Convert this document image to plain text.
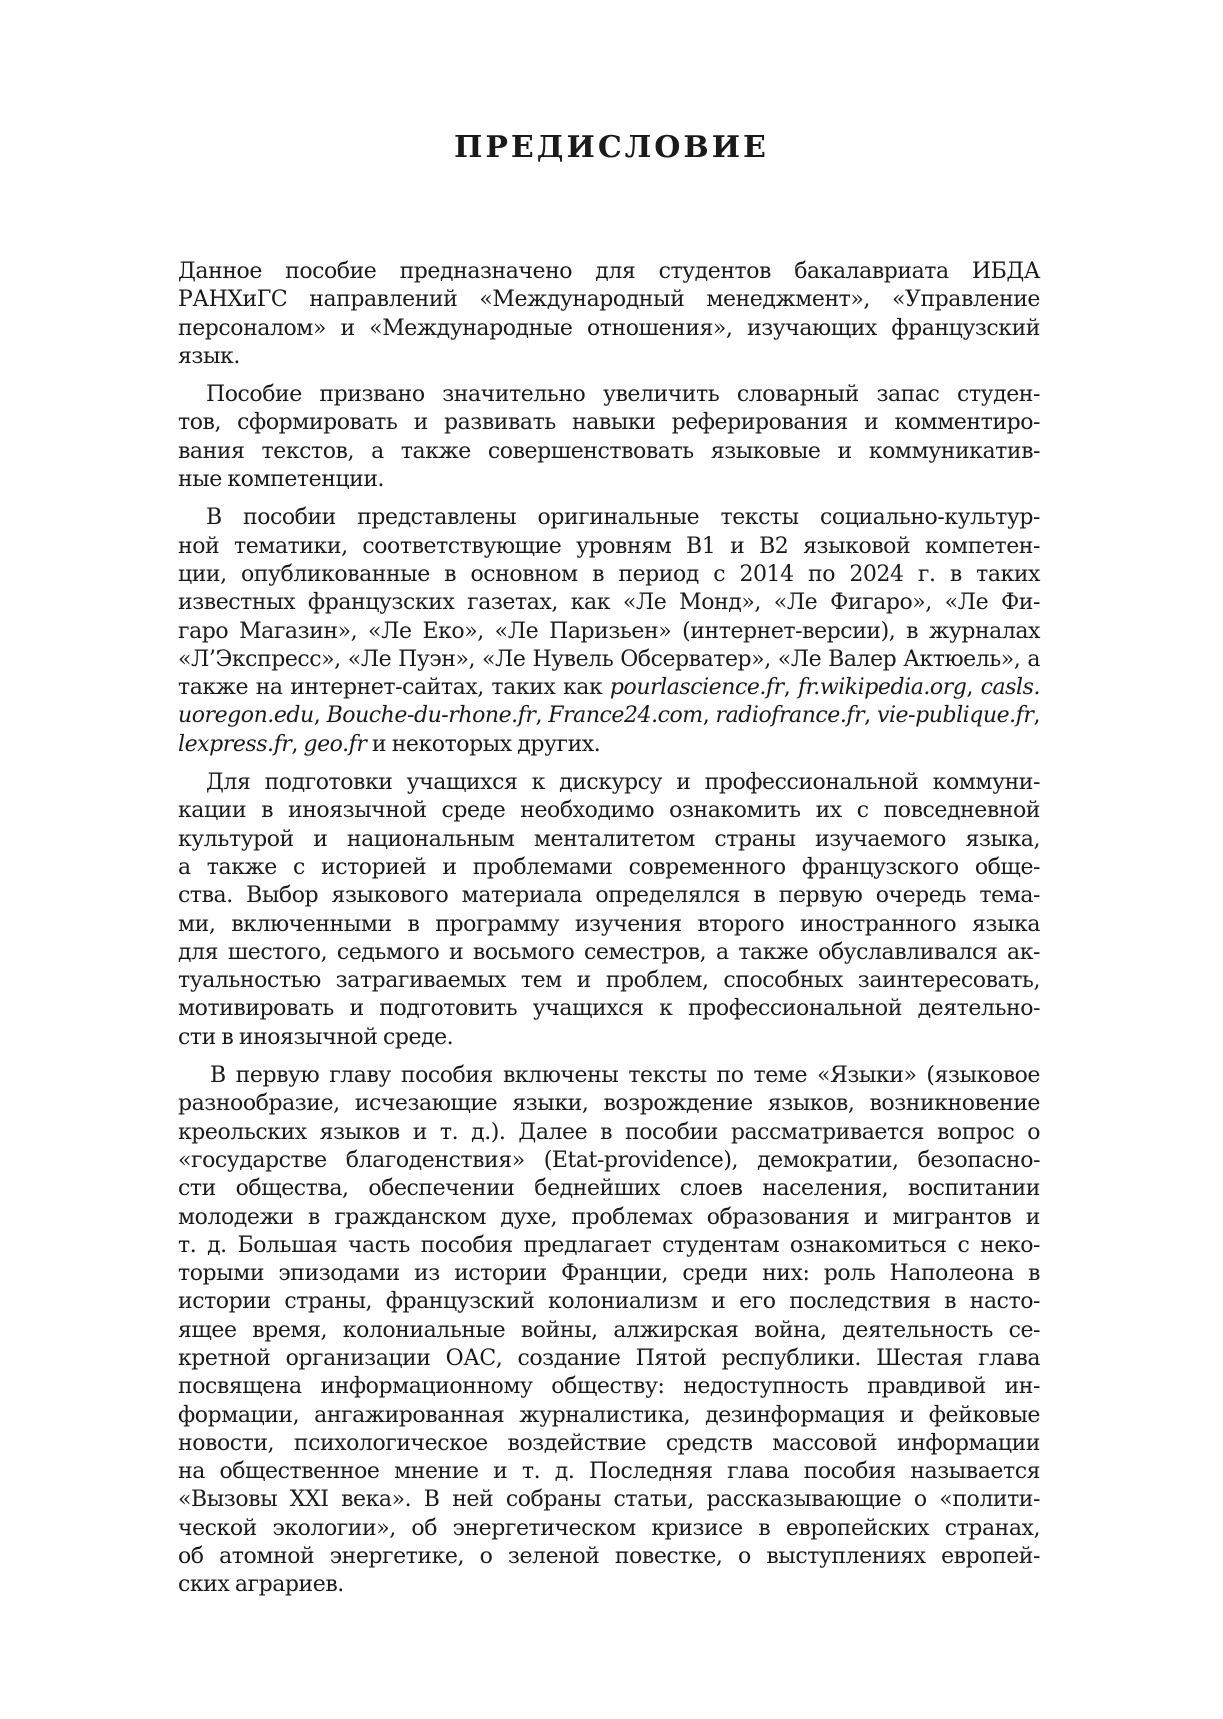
ПРЕДИСЛОВИЕ

Данное пособие предназначено для студентов бакалавриата ИБДА
РАНХиГС направлений «Международный менеджмент», «Управление
персоналом» и «Международные отношения», изучающих французский
язык.

Пособие призвано значительно увеличить словарный запас студен-
тов, сформировать и развивать навыки реферирования и комментиро-
вания текстов, а также совершенствовать языковые и коммуникатив-
ные компетенции.

В пособии представлены оригинальные тексты социально-культур-
ной тематики, соответствующие уровням B1 и B2 языковой компетен-
ции, опубликованные в основном в период с 2014 по 2024 г. в таких
известных французских газетах, как «Ле Монд», «Ле Фигаро», «Ле Фи-
гаро Магазин», «Ле Еко», «Ле Паризьен» (интернет-версии), в журналах
«Л’Экспресс», «Ле Пуэн», «Ле Нувель Обсерватер», «Ле Валер Актюель», а
также на интернет-сайтах, таких как pourlascience.fr, fr.wikipedia.org, casls.
uoregon.edu, Bouche-du-rhone.fr, France24.com, radiofrance.fr, vie-publique.fr,
lexpress.fr, geo.fr и некоторых других.

Для подготовки учащихся к дискурсу и профессиональной коммуни-
кации в иноязычной среде необходимо ознакомить их с повседневной
культурой и национальным менталитетом страны изучаемого языка,
а также с историей и проблемами современного французского обще-
ства. Выбор языкового материала определялся в первую очередь тема-
ми, включенными в программу изучения второго иностранного языка
для шестого, седьмого и восьмого семестров, а также обуславливался ак-
туальностью затрагиваемых тем и проблем, способных заинтересовать,
мотивировать и подготовить учащихся к профессиональной деятельно-
сти в иноязычной среде.

В первую главу пособия включены тексты по теме «Языки» (языковое
разнообразие, исчезающие языки, возрождение языков, возникновение
креольских языков и т. д.). Далее в пособии рассматривается вопрос о
«государстве благоденствия» (Etat-providence), демократии, безопасно-
сти общества, обеспечении беднейших слоев населения, воспитании
молодежи в гражданском духе, проблемах образования и мигрантов и
т. д. Большая часть пособия предлагает студентам ознакомиться с неко-
торыми эпизодами из истории Франции, среди них: роль Наполеона в
истории страны, французский колониализм и его последствия в насто-
ящее время, колониальные войны, алжирская война, деятельность се-
кретной организации ОАС, создание Пятой республики. Шестая глава
посвящена информационному обществу: недоступность правдивой ин-
формации, ангажированная журналистика, дезинформация и фейковые
новости, психологическое воздействие средств массовой информации
на общественное мнение и т. д. Последняя глава пособия называется
«Вызовы XXI века». В ней собраны статьи, рассказывающие о «полити-
ческой экологии», об энергетическом кризисе в европейских странах,
об атомной энергетике, о зеленой повестке, о выступлениях европей-
ских аграриев.
